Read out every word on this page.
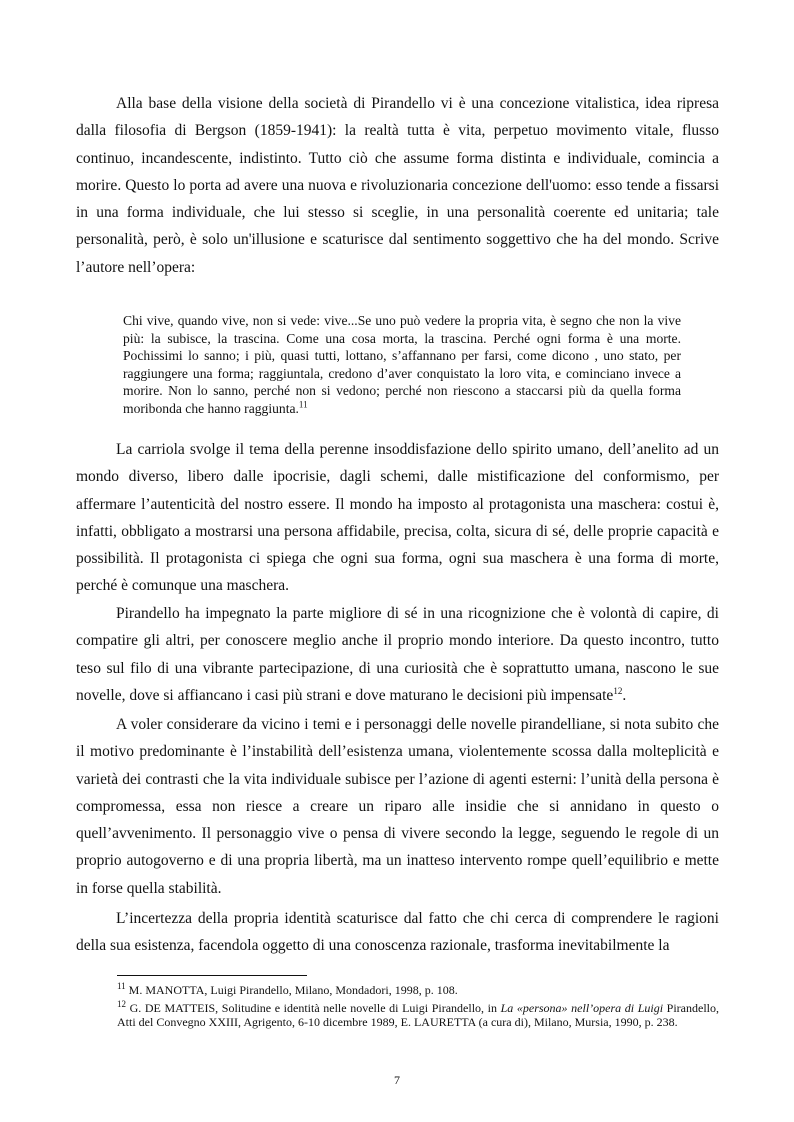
Alla base della visione della società di Pirandello vi è una concezione vitalistica, idea ripresa dalla filosofia di Bergson (1859-1941): la realtà tutta è vita, perpetuo movimento vitale, flusso continuo, incandescente, indistinto. Tutto ciò che assume forma distinta e individuale, comincia a morire. Questo lo porta ad avere una nuova e rivoluzionaria concezione dell'uomo: esso tende a fissarsi in una forma individuale, che lui stesso si sceglie, in una personalità coerente ed unitaria; tale personalità, però, è solo un'illusione e scaturisce dal sentimento soggettivo che ha del mondo. Scrive l’autore nell’opera:

Chi vive, quando vive, non si vede: vive...Se uno può vedere la propria vita, è segno che non la vive più: la subisce, la trascina. Come una cosa morta, la trascina. Perché ogni forma è una morte. Pochissimi lo sanno; i più, quasi tutti, lottano, s’affannano per farsi, come dicono , uno stato, per raggiungere una forma; raggiuntala, credono d’aver conquistato la loro vita, e cominciano invece a morire. Non lo sanno, perché non si vedono; perché non riescono a staccarsi più da quella forma moribonda che hanno raggiunta.$^{11}$

La carriola svolge il tema della perenne insoddisfazione dello spirito umano, dell’anelito ad un mondo diverso, libero dalle ipocrisie, dagli schemi, dalle mistificazione del conformismo, per affermare l’autenticità del nostro essere. Il mondo ha imposto al protagonista una maschera: costui è, infatti, obbligato a mostrarsi una persona affidabile, precisa, colta, sicura di sé, delle proprie capacità e possibilità. Il protagonista ci spiega che ogni sua forma, ogni sua maschera è una forma di morte, perché è comunque una maschera.

Pirandello ha impegnato la parte migliore di sé in una ricognizione che è volontà di capire, di compatire gli altri, per conoscere meglio anche il proprio mondo interiore. Da questo incontro, tutto teso sul filo di una vibrante partecipazione, di una curiosità che è soprattutto umana, nascono le sue novelle, dove si affiancano i casi più strani e dove maturano le decisioni più impensate$^{12}$.

A voler considerare da vicino i temi e i personaggi delle novelle pirandelliane, si nota subito che il motivo predominante è l’instabilità dell’esistenza umana, violentemente scossa dalla molteplicità e varietà dei contrasti che la vita individuale subisce per l’azione di agenti esterni: l’unità della persona è compromessa, essa non riesce a creare un riparo alle insidie che si annidano in questo o quell’avvenimento. Il personaggio vive o pensa di vivere secondo la legge, seguendo le regole di un proprio autogoverno e di una propria libertà, ma un inatteso intervento rompe quell’equilibrio e mette in forse quella stabilità.

L’incertezza della propria identità scaturisce dal fatto che chi cerca di comprendere le ragioni della sua esistenza, facendola oggetto di una conoscenza razionale, trasforma inevitabilmente la

$^{11}$ M. MANOTTA, Luigi Pirandello, Milano, Mondadori, 1998, p. 108.

$^{12}$ G. DE MATTEIS, Solitudine e identità nelle novelle di Luigi Pirandello, in La «persona» nell’opera di Luigi Pirandello, Atti del Convegno XXIII, Agrigento, 6-10 dicembre 1989, E. LAURETTA (a cura di), Milano, Mursia, 1990, p. 238.

7
